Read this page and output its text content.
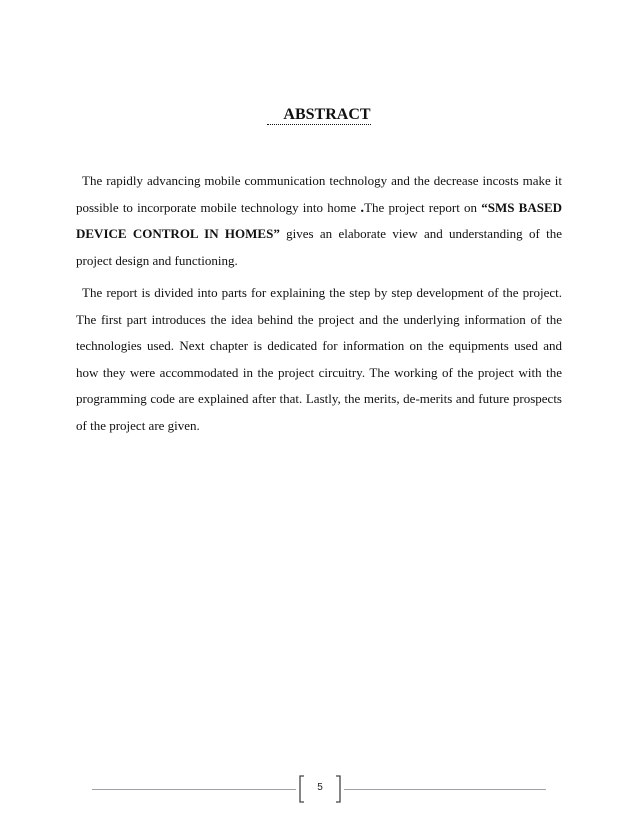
ABSTRACT

The rapidly advancing mobile communication technology and the decrease incosts make it possible to incorporate mobile technology into home .The project report on “SMS BASED DEVICE CONTROL IN HOMES” gives an elaborate view and understanding of the project design and functioning.

The report is divided into parts for explaining the step by step development of the project. The first part introduces the idea behind the project and the underlying information of the technologies used. Next chapter is dedicated for information on the equipments used and how they were accommodated in the project circuitry. The working of the project with the programming code are explained after that. Lastly, the merits, de-merits and future prospects of the project are given.

5
